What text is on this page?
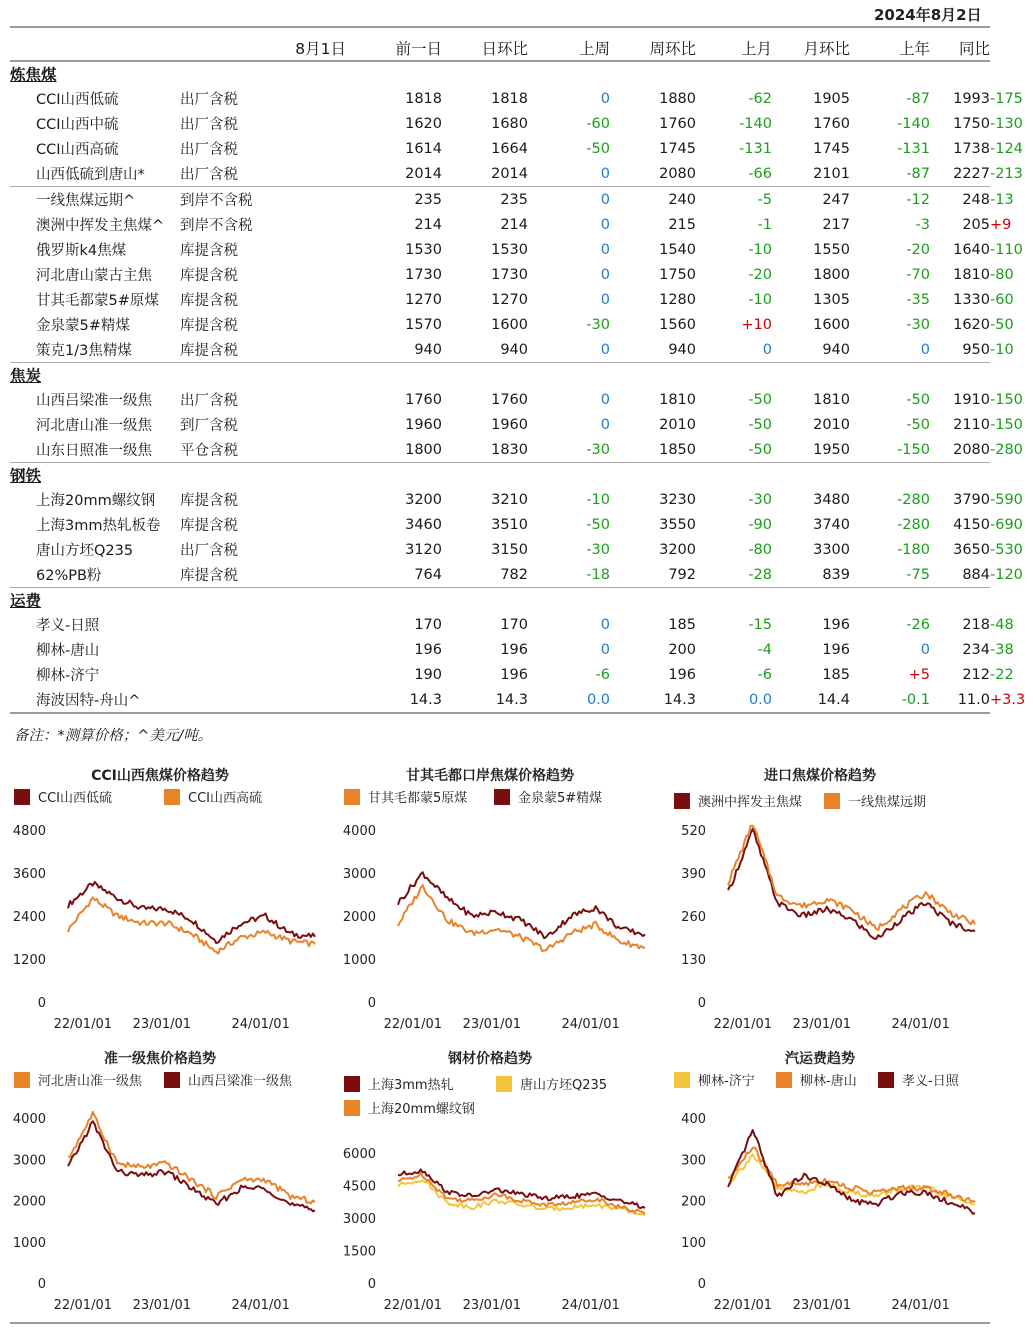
2024年8月2日
		8月1日	前一日	日环比	上周	周环比	上月	月环比	上年	同比	
炼焦煤											
CCI山西低硫	出厂含税		1818	1818	0	1880	-62	1905	-87	1993	-175
CCI山西中硫	出厂含税		1620	1680	-60	1760	-140	1760	-140	1750	-130
CCI山西高硫	出厂含税		1614	1664	-50	1745	-131	1745	-131	1738	-124
山西低硫到唐山*	出厂含税		2014	2014	0	2080	-66	2101	-87	2227	-213
一线焦煤远期^	到岸不含税		235	235	0	240	-5	247	-12	248	-13
澳洲中挥发主焦煤^	到岸不含税		214	214	0	215	-1	217	-3	205	+9
俄罗斯k4焦煤	库提含税		1530	1530	0	1540	-10	1550	-20	1640	-110
河北唐山蒙古主焦	库提含税		1730	1730	0	1750	-20	1800	-70	1810	-80
甘其毛都蒙5#原煤	库提含税		1270	1270	0	1280	-10	1305	-35	1330	-60
金泉蒙5#精煤	库提含税		1570	1600	-30	1560	+10	1600	-30	1620	-50
策克1/3焦精煤	库提含税		940	940	0	940	0	940	0	950	-10
焦炭											
山西吕梁准一级焦	出厂含税		1760	1760	0	1810	-50	1810	-50	1910	-150
河北唐山准一级焦	到厂含税		1960	1960	0	2010	-50	2010	-50	2110	-150
山东日照准一级焦	平仓含税		1800	1830	-30	1850	-50	1950	-150	2080	-280
钢铁											
上海20mm螺纹钢	库提含税		3200	3210	-10	3230	-30	3480	-280	3790	-590
上海3mm热轧板卷	库提含税		3460	3510	-50	3550	-90	3740	-280	4150	-690
唐山方坯Q235	出厂含税		3120	3150	-30	3200	-80	3300	-180	3650	-530
62%PB粉	库提含税		764	782	-18	792	-28	839	-75	884	-120
运费											
孝义-日照			170	170	0	185	-15	196	-26	218	-48
柳林-唐山			196	196	0	200	-4	196	0	234	-38
柳林-济宁			190	196	-6	196	-6	185	+5	212	-22
海波因特-舟山^			14.3	14.3	0.0	14.3	0.0	14.4	-0.1	11.0	+3.3
备注：*测算价格；^美元/吨。
CCI山西焦煤价格趋势
CCI山西低硫	CCI山西高硫
0
1200
2400
3600
4800
22/01/01 23/01/01	24/01/01
甘其毛都口岸焦煤价格趋势
甘其毛都蒙5原煤	金泉蒙5#精煤
0
1000
2000
3000
4000
22/01/01 23/01/01	24/01/01
进口焦煤价格趋势
澳洲中挥发主焦煤	一线焦煤远期
0
130
260
390
520
22/01/01 23/01/01	24/01/01
准一级焦价格趋势
河北唐山准一级焦	山西吕梁准一级焦
0
1000
2000
3000
4000
22/01/01 23/01/01	24/01/01
钢材价格趋势
上海3mm热轧	唐山方坯Q235
上海20mm螺纹钢
0
1500
3000
4500
6000
22/01/01 23/01/01	24/01/01
汽运费趋势
柳林-济宁	柳林-唐山	孝义-日照
0
100
200
300
400
22/01/01 23/01/01	24/01/01
